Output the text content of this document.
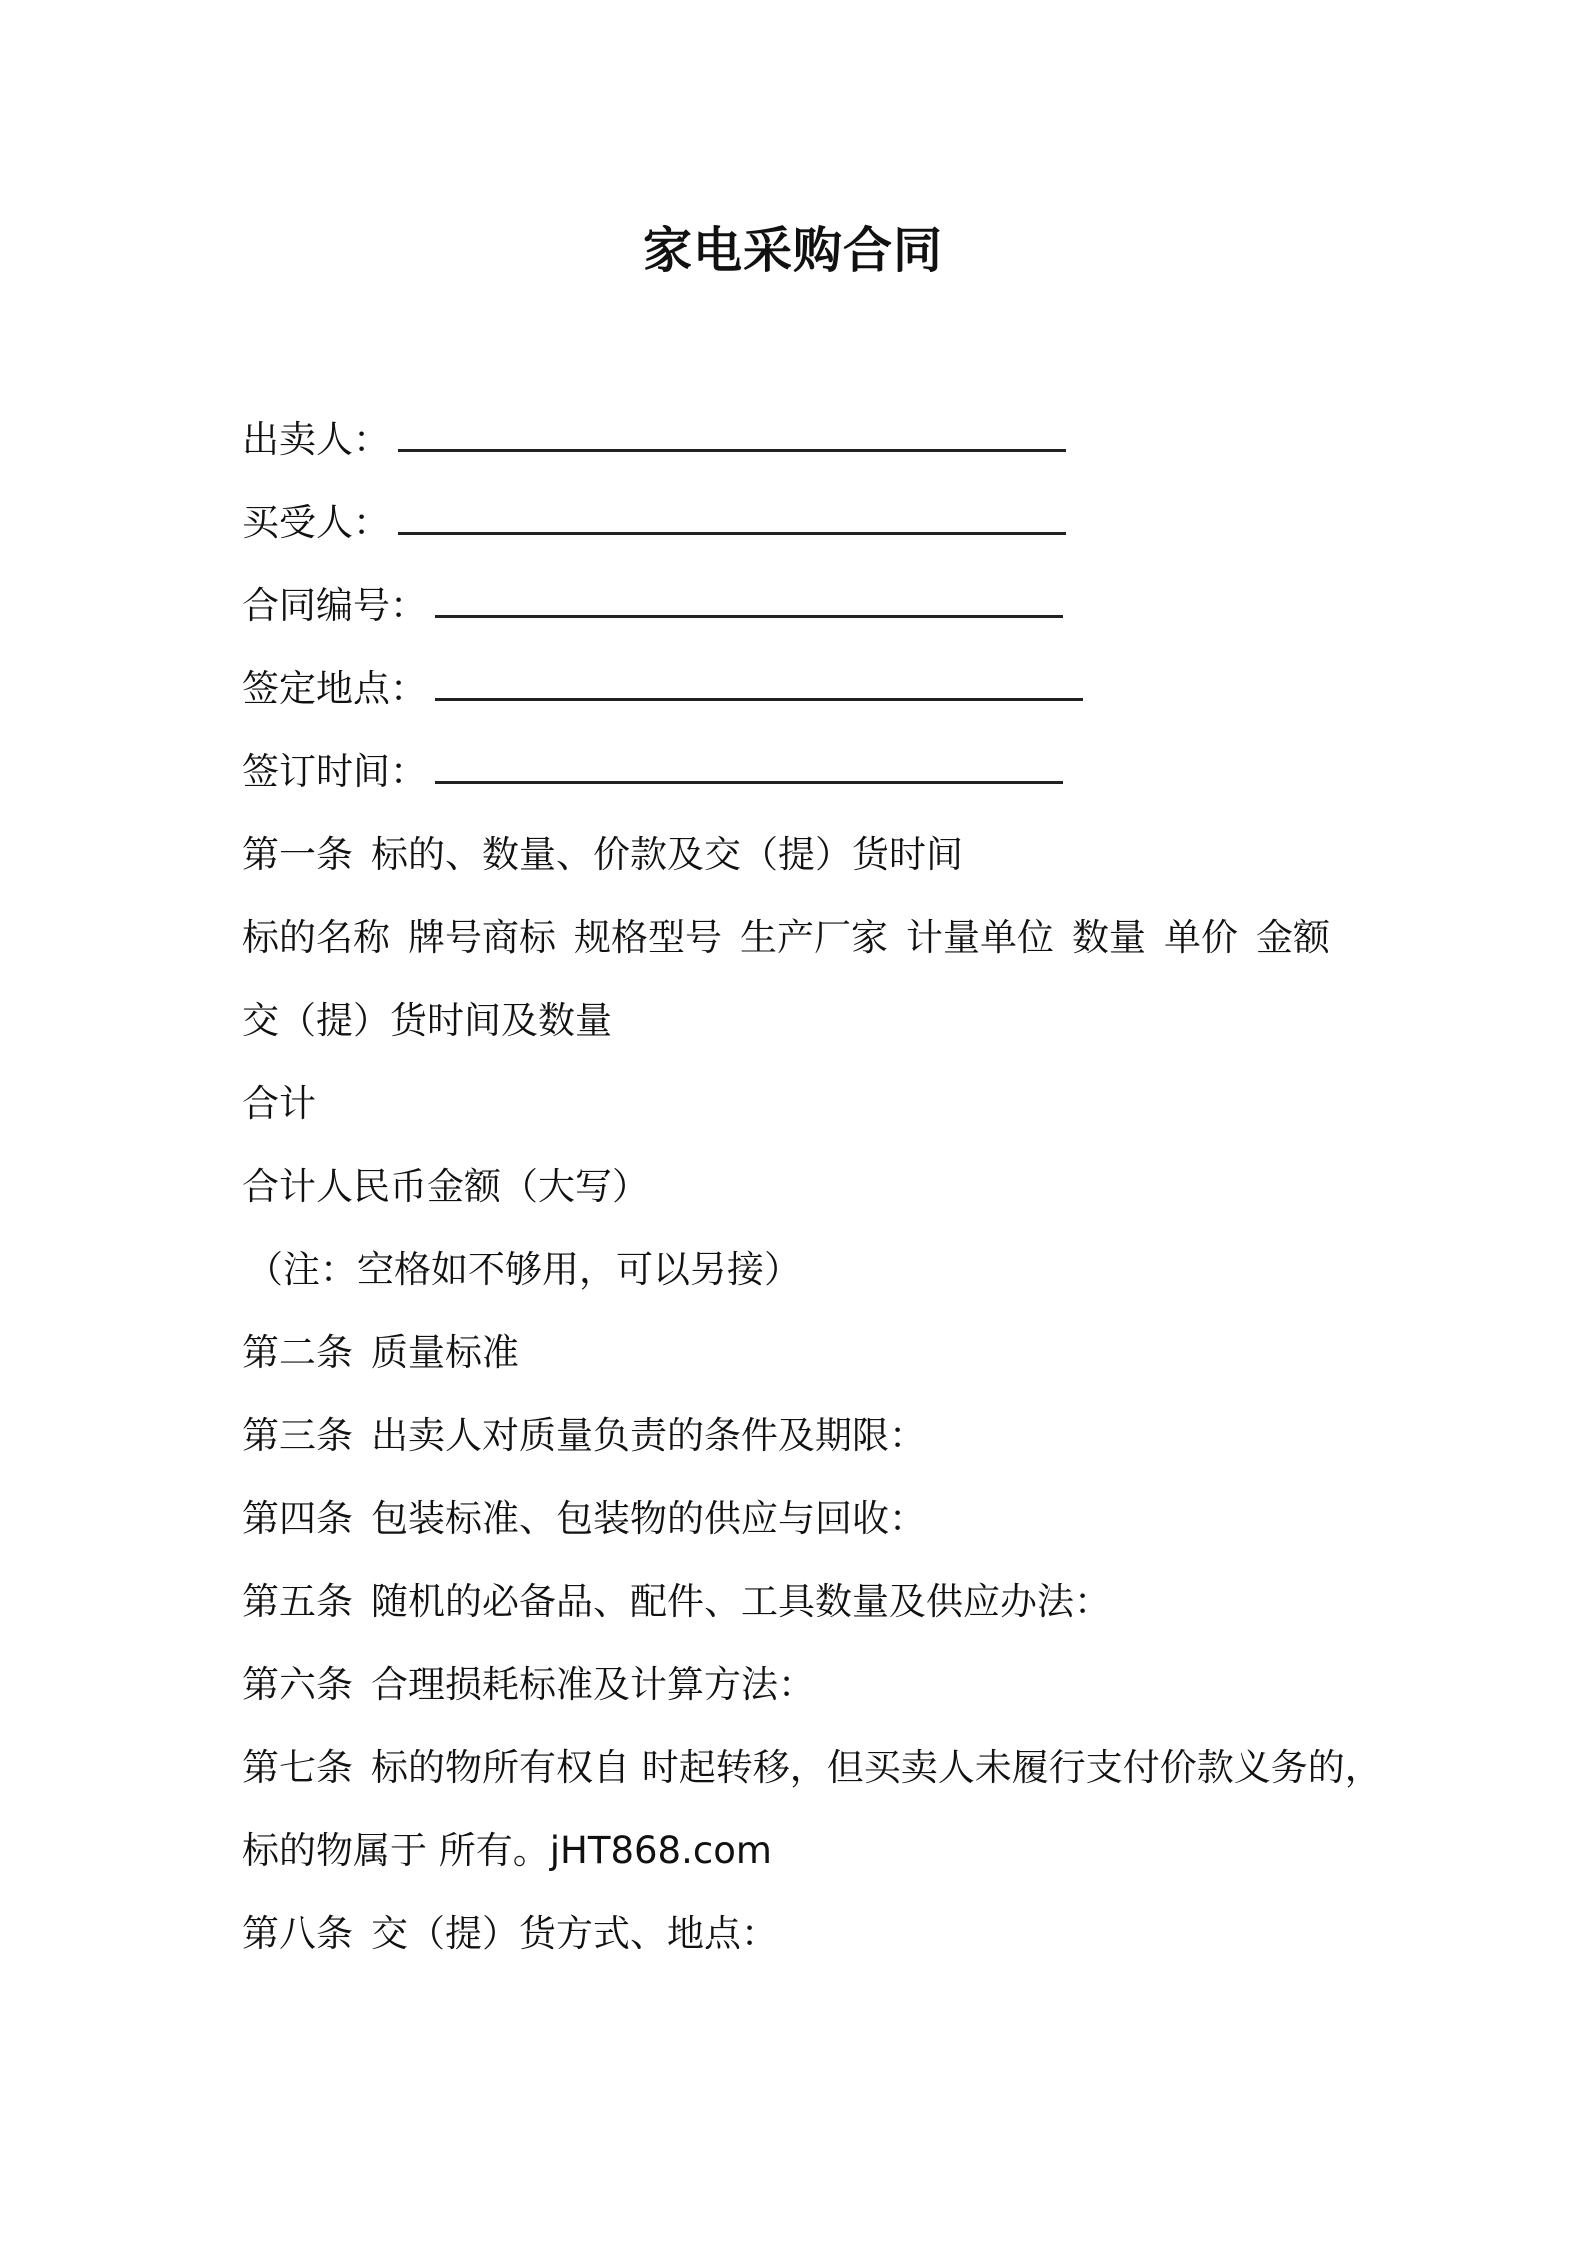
家电采购合同
出卖人：
买受人：
合同编号：
签定地点：
签订时间：
第一条 标的、数量、价款及交（提）货时间
标的名称 牌号商标 规格型号 生产厂家 计量单位 数量 单价 金额
交（提）货时间及数量
合计
合计人民币金额（大写）
（注：空格如不够用，可以另接）
第二条 质量标准
第三条 出卖人对质量负责的条件及期限：
第四条 包装标准、包装物的供应与回收：
第五条 随机的必备品、配件、工具数量及供应办法：
第六条 合理损耗标准及计算方法：
第七条 标的物所有权自 时起转移，但买卖人未履行支付价款义务的，
标的物属于 所有。jHT868.com
第八条 交（提）货方式、地点：
